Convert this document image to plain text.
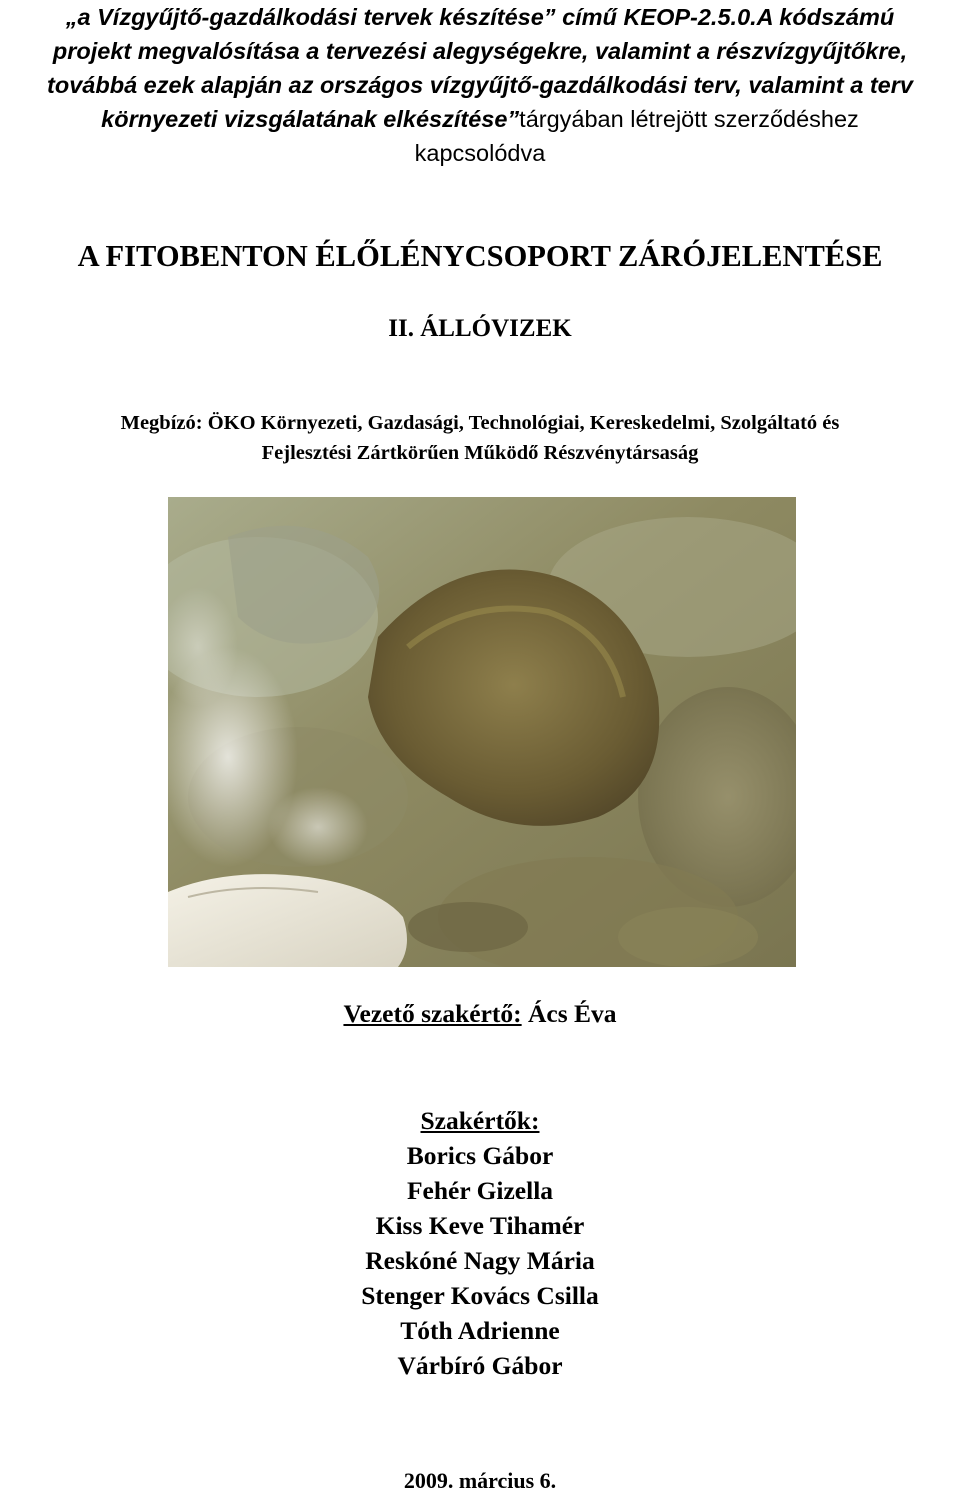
„a Vízgyűjtő-gazdálkodási tervek készítése” című KEOP-2.5.0.A kódszámú
projekt megvalósítása a tervezési alegységekre, valamint a részvízgyűjtőkre,
továbbá ezek alapján az országos vízgyűjtő-gazdálkodási terv, valamint a terv
környezeti vizsgálatának elkészítése”tárgyában létrejött szerződéshez
kapcsolódva
A FITOBENTON ÉLŐLÉNYCSOPORT ZÁRÓJELENTÉSE
II. ÁLLÓVIZEK
Megbízó: ÖKO Környezeti, Gazdasági, Technológiai, Kereskedelmi, Szolgáltató és
Fejlesztési Zártkörűen Működő Részvénytársaság
Vezető szakértő: Ács Éva
Szakértők:
Borics Gábor
Fehér Gizella
Kiss Keve Tihamér
Reskóné Nagy Mária
Stenger Kovács Csilla
Tóth Adrienne
Várbíró Gábor
2009. március 6.
